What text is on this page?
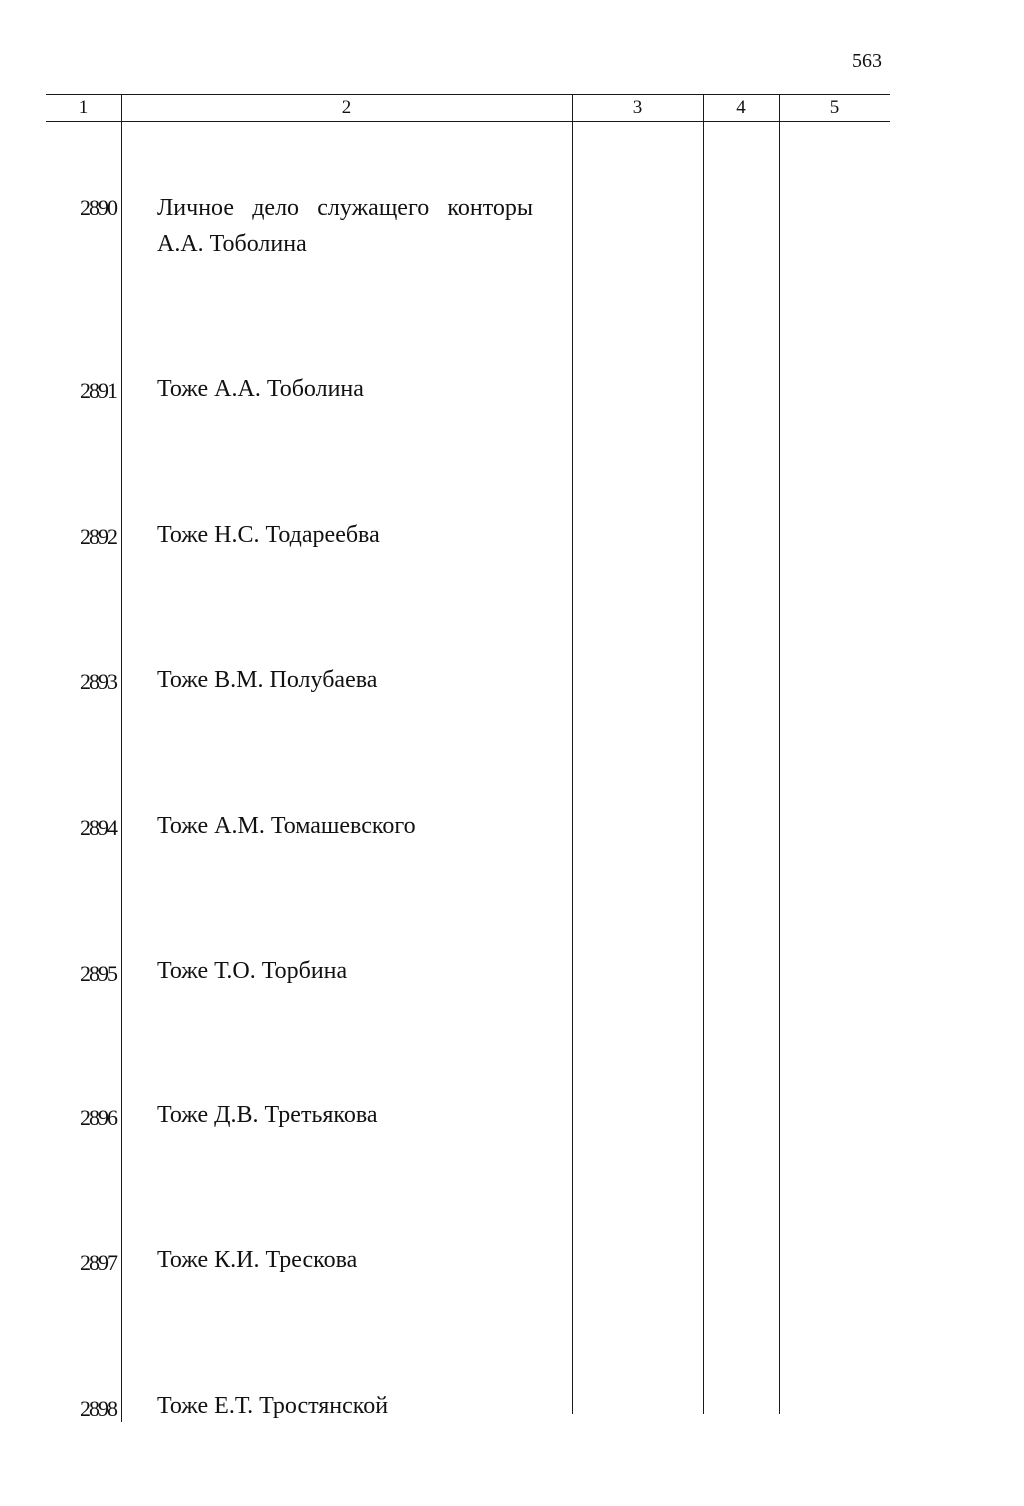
563
1	2	3	4	5
2890 Личное дело служащего конторы
А.А. Тоболина
2891 Тоже А.А. Тоболина
2892 Тоже Н.С. Тодареебва
2893 Тоже В.М. Полубаева
2894 Тоже А.М. Томашевского
2895 Тоже Т.О. Торбина
2896 Тоже Д.В. Третьякова
2897 Тоже К.И. Трескова
2898 Тоже Е.Т. Тростянской
